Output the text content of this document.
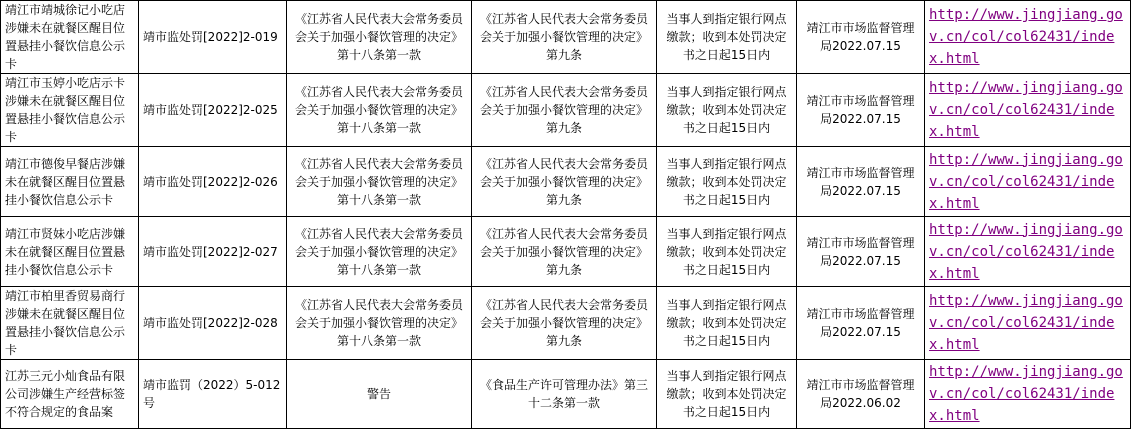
靖江市靖城徐记小吃店涉嫌未在就餐区醒目位置悬挂小餐饮信息公示卡	靖市监处罚[2022]2-019	《江苏省人民代表大会常务委员会关于加强小餐饮管理的决定》第十八条第一款	《江苏省人民代表大会常务委员会关于加强小餐饮管理的决定》第九条	当事人到指定银行网点缴款；收到本处罚决定书之日起15日内	靖江市市场监督管理局2022.07.15	http://www.jingjiang.gov.cn/col/col62431/index.html
靖江市玉婷小吃店示卡涉嫌未在就餐区醒目位置悬挂小餐饮信息公示卡	靖市监处罚[2022]2-025	《江苏省人民代表大会常务委员会关于加强小餐饮管理的决定》第十八条第一款	《江苏省人民代表大会常务委员会关于加强小餐饮管理的决定》第九条	当事人到指定银行网点缴款；收到本处罚决定书之日起15日内	靖江市市场监督管理局2022.07.15	http://www.jingjiang.gov.cn/col/col62431/index.html
靖江市德俊早餐店涉嫌未在就餐区醒目位置悬挂小餐饮信息公示卡	靖市监处罚[2022]2-026	《江苏省人民代表大会常务委员会关于加强小餐饮管理的决定》第十八条第一款	《江苏省人民代表大会常务委员会关于加强小餐饮管理的决定》第九条	当事人到指定银行网点缴款；收到本处罚决定书之日起15日内	靖江市市场监督管理局2022.07.15	http://www.jingjiang.gov.cn/col/col62431/index.html
靖江市贤妹小吃店涉嫌未在就餐区醒目位置悬挂小餐饮信息公示卡	靖市监处罚[2022]2-027	《江苏省人民代表大会常务委员会关于加强小餐饮管理的决定》第十八条第一款	《江苏省人民代表大会常务委员会关于加强小餐饮管理的决定》第九条	当事人到指定银行网点缴款；收到本处罚决定书之日起15日内	靖江市市场监督管理局2022.07.15	http://www.jingjiang.gov.cn/col/col62431/index.html
靖江市柏里香贸易商行涉嫌未在就餐区醒目位置悬挂小餐饮信息公示卡	靖市监处罚[2022]2-028	《江苏省人民代表大会常务委员会关于加强小餐饮管理的决定》第十八条第一款	《江苏省人民代表大会常务委员会关于加强小餐饮管理的决定》第九条	当事人到指定银行网点缴款；收到本处罚决定书之日起15日内	靖江市市场监督管理局2022.07.15	http://www.jingjiang.gov.cn/col/col62431/index.html
江苏三元小灿食品有限公司涉嫌生产经营标签不符合规定的食品案	靖市监罚（2022）5-012号	警告	《食品生产许可管理办法》第三十二条第一款	当事人到指定银行网点缴款；收到本处罚决定书之日起15日内	靖江市市场监督管理局2022.06.02	http://www.jingjiang.gov.cn/col/col62431/index.html
